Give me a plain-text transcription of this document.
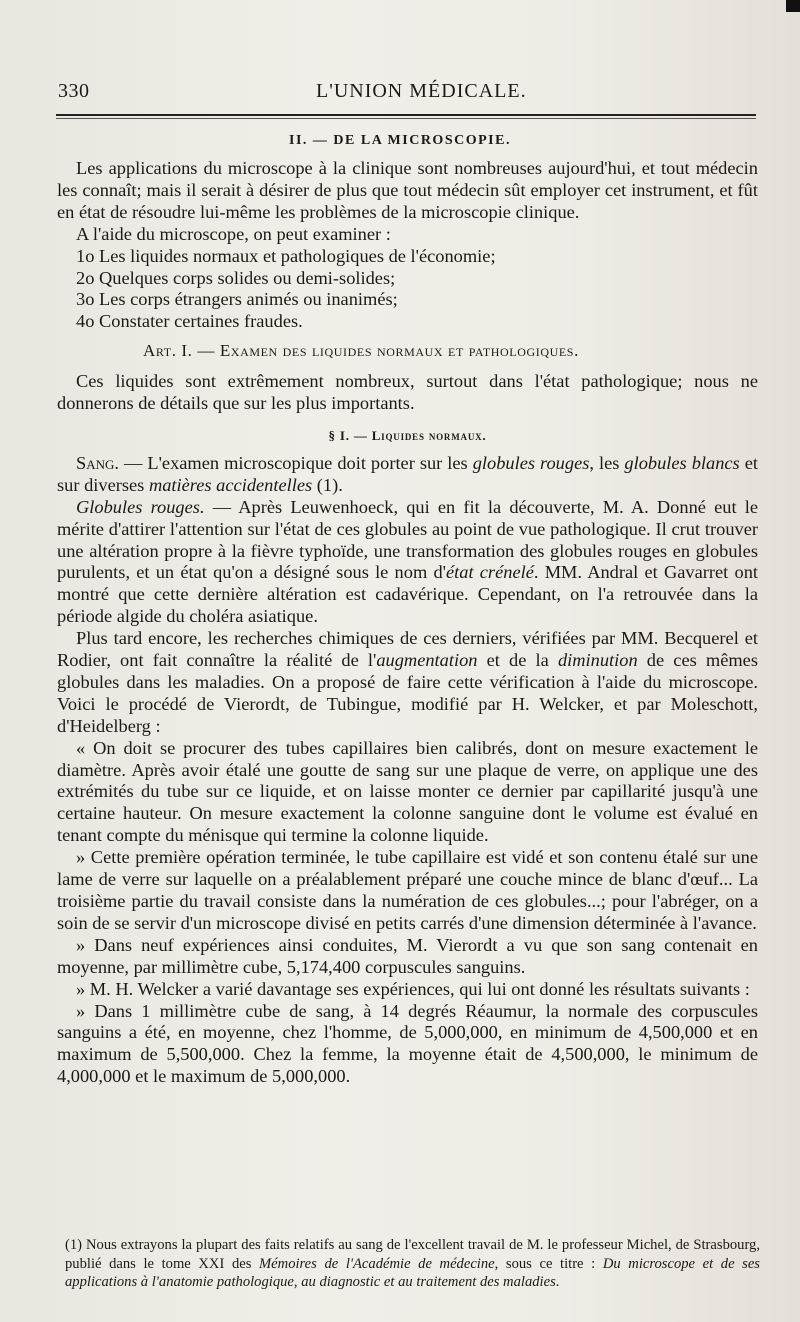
330	L'UNION MÉDICALE.
II. — DE LA MICROSCOPIE.

Les applications du microscope à la clinique sont nombreuses aujourd'hui, et tout médecin les connaît; mais il serait à désirer de plus que tout médecin sût employer cet instrument, et fût en état de résoudre lui-même les problèmes de la microscopie clinique.

A l'aide du microscope, on peut examiner :

1o Les liquides normaux et pathologiques de l'économie;

2o Quelques corps solides ou demi-solides;

3o Les corps étrangers animés ou inanimés;

4o Constater certaines fraudes.

Art. I. — Examen des liquides normaux et pathologiques.

Ces liquides sont extrêmement nombreux, surtout dans l'état pathologique; nous ne donnerons de détails que sur les plus importants.

§ I. — Liquides normaux.

Sang. — L'examen microscopique doit porter sur les globules rouges, les globules blancs et sur diverses matières accidentelles (1).

Globules rouges. — Après Leuwenhoeck, qui en fit la découverte, M. A. Donné eut le mérite d'attirer l'attention sur l'état de ces globules au point de vue pathologique. Il crut trouver une altération propre à la fièvre typhoïde, une transformation des globules rouges en globules purulents, et un état qu'on a désigné sous le nom d'état crénelé. MM. Andral et Gavarret ont montré que cette dernière altération est cadavérique. Cependant, on l'a retrouvée dans la période algide du choléra asiatique.

Plus tard encore, les recherches chimiques de ces derniers, vérifiées par MM. Becquerel et Rodier, ont fait connaître la réalité de l'augmentation et de la diminution de ces mêmes globules dans les maladies. On a proposé de faire cette vérification à l'aide du microscope. Voici le procédé de Vierordt, de Tubingue, modifié par H. Welcker, et par Moleschott, d'Heidelberg :

« On doit se procurer des tubes capillaires bien calibrés, dont on mesure exactement le diamètre. Après avoir étalé une goutte de sang sur une plaque de verre, on applique une des extrémités du tube sur ce liquide, et on laisse monter ce dernier par capillarité jusqu'à une certaine hauteur. On mesure exactement la colonne sanguine dont le volume est évalué en tenant compte du ménisque qui termine la colonne liquide.

» Cette première opération terminée, le tube capillaire est vidé et son contenu étalé sur une lame de verre sur laquelle on a préalablement préparé une couche mince de blanc d'œuf... La troisième partie du travail consiste dans la numération de ces globules...; pour l'abréger, on a soin de se servir d'un microscope divisé en petits carrés d'une dimension déterminée à l'avance.

» Dans neuf expériences ainsi conduites, M. Vierordt a vu que son sang contenait en moyenne, par millimètre cube, 5,174,400 corpuscules sanguins.

» M. H. Welcker a varié davantage ses expériences, qui lui ont donné les résultats suivants :

» Dans 1 millimètre cube de sang, à 14 degrés Réaumur, la normale des corpuscules sanguins a été, en moyenne, chez l'homme, de 5,000,000, en minimum de 4,500,000 et en maximum de 5,500,000. Chez la femme, la moyenne était de 4,500,000, le minimum de 4,000,000 et le maximum de 5,000,000.

(1) Nous extrayons la plupart des faits relatifs au sang de l'excellent travail de M. le professeur Michel, de Strasbourg, publié dans le tome XXI des Mémoires de l'Académie de médecine, sous ce titre : Du microscope et de ses applications à l'anatomie pathologique, au diagnostic et au traitement des maladies.
